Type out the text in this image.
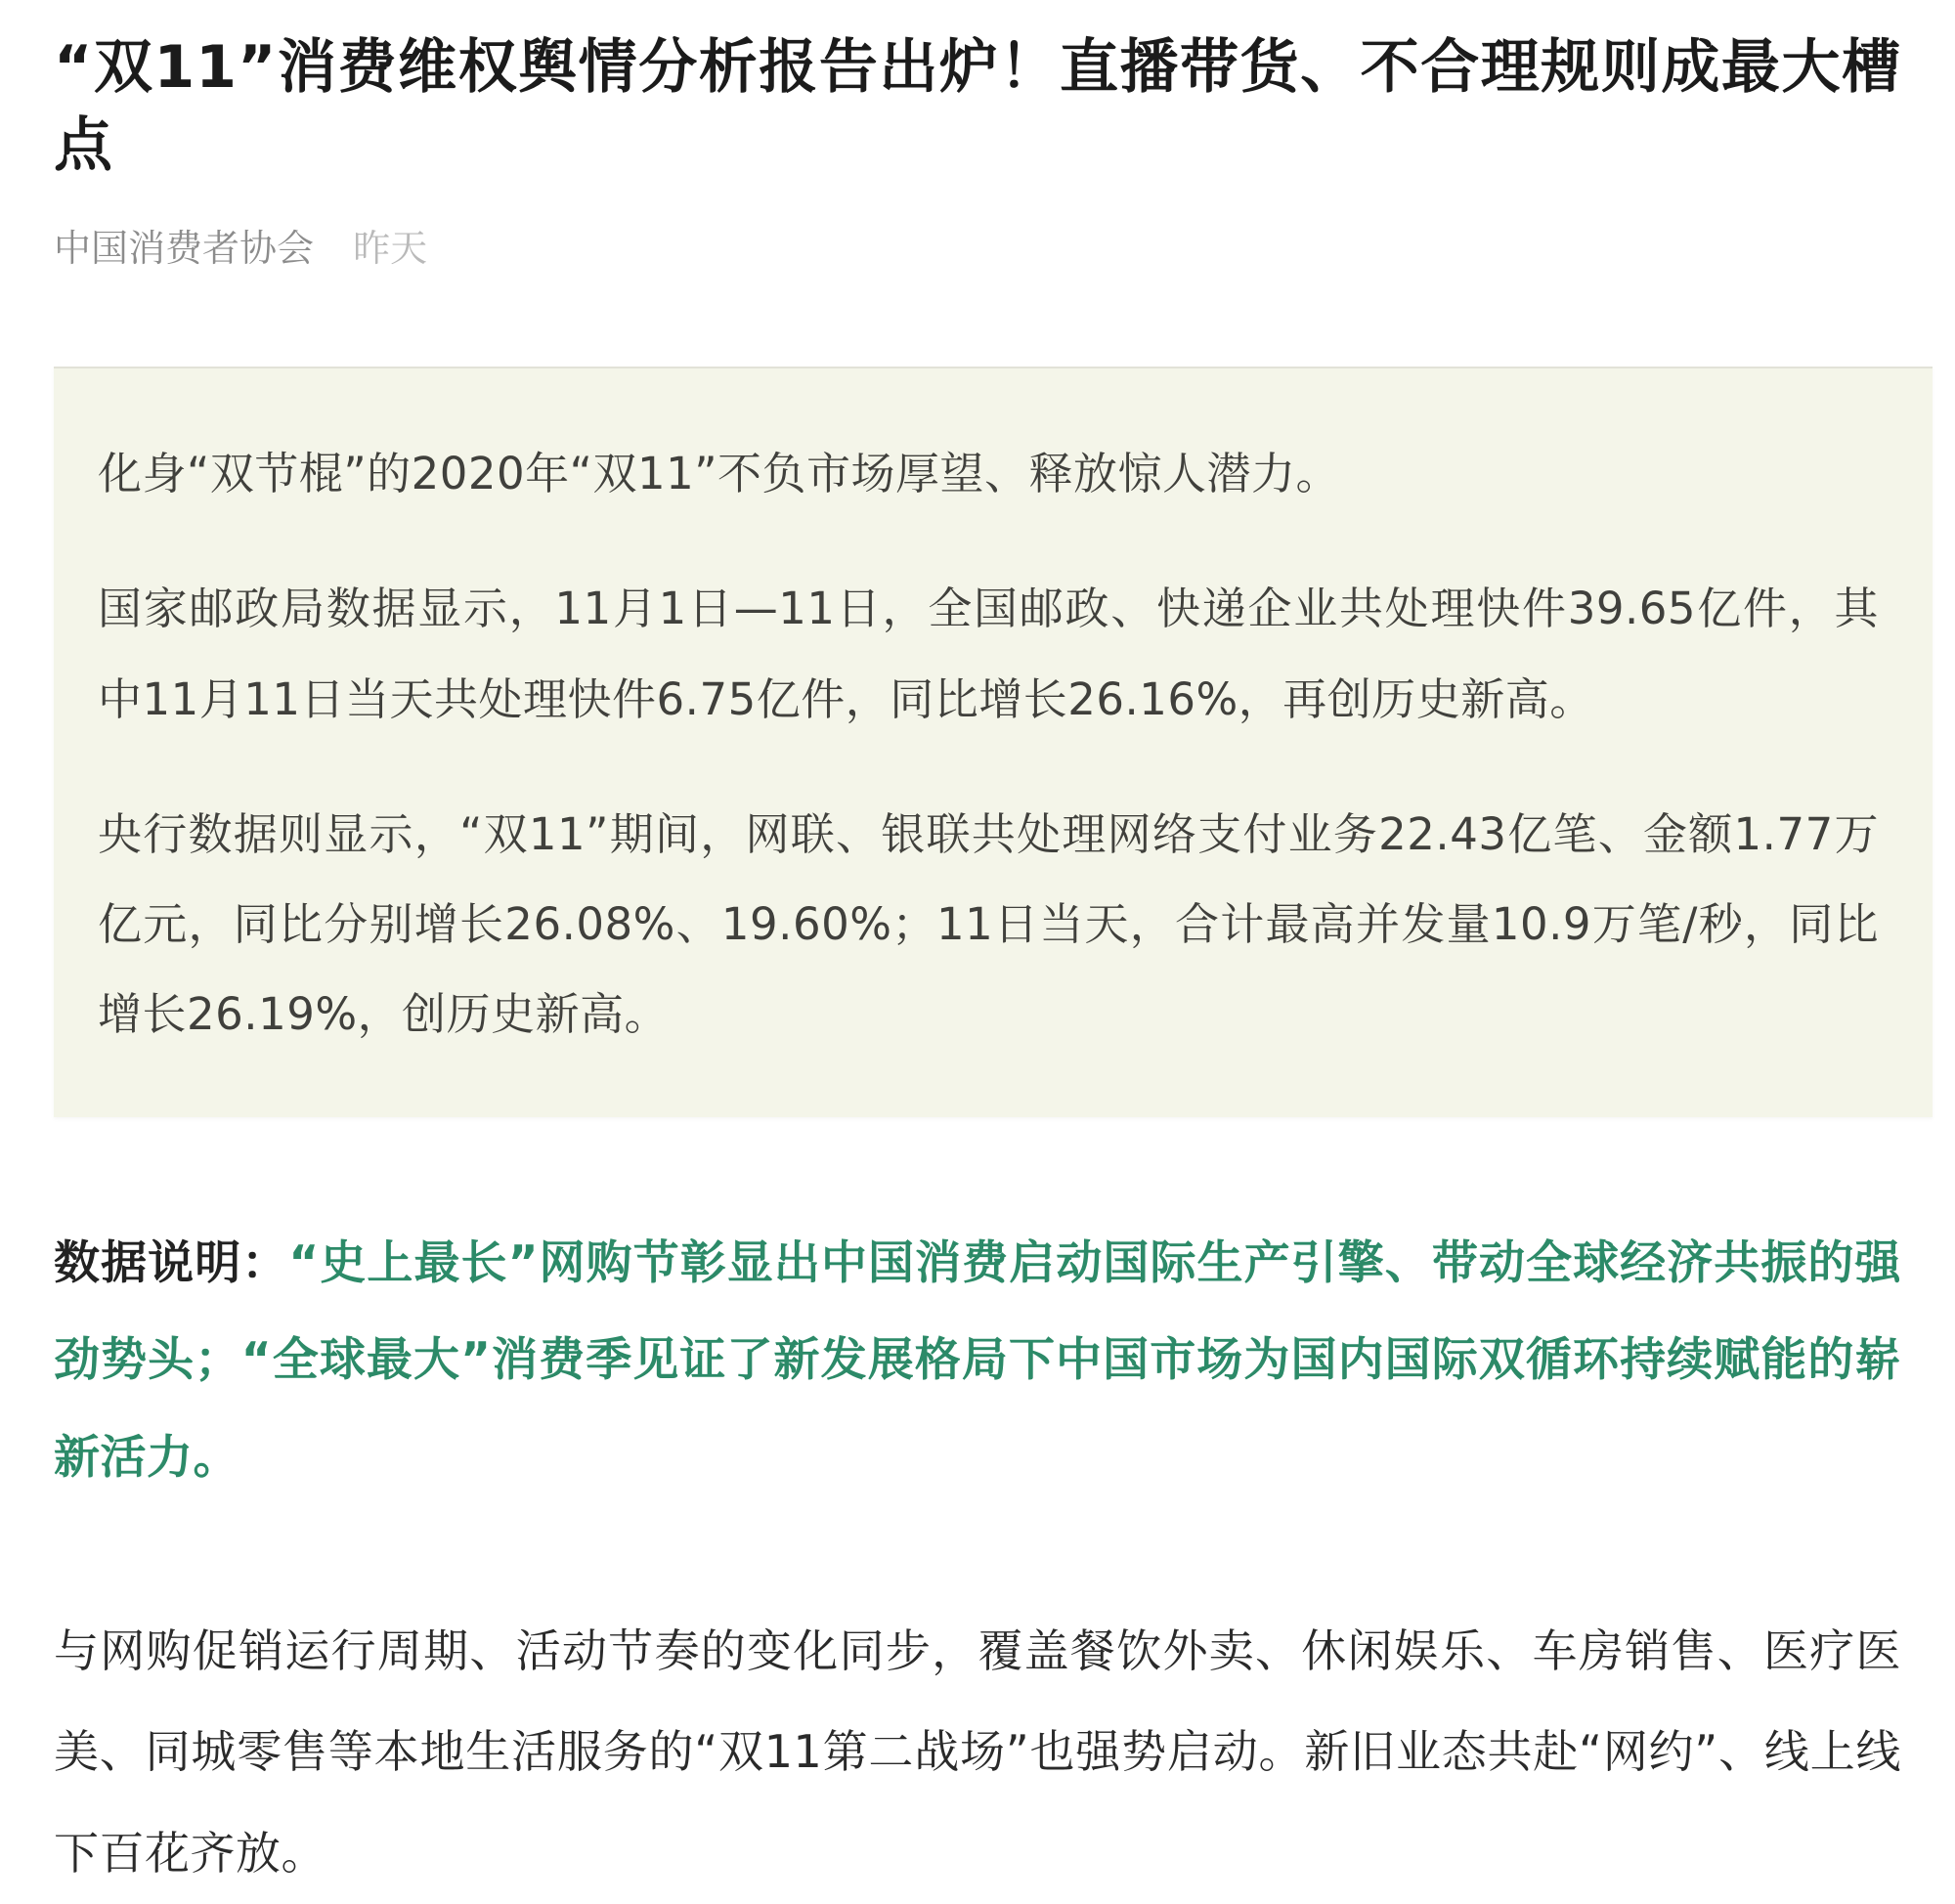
“双11”消费维权舆情分析报告出炉！直播带货、不合理规则成最大槽点
中国消费者协会 昨天

化身“双节棍”的2020年“双11”不负市场厚望、释放惊人潜力。

国家邮政局数据显示，11月1日—11日，全国邮政、快递企业共处理快件39.65亿件，其中11月11日当天共处理快件6.75亿件，同比增长26.16%，再创历史新高。

央行数据则显示，“双11”期间，网联、银联共处理网络支付业务22.43亿笔、金额1.77万亿元，同比分别增长26.08%、19.60%；11日当天，合计最高并发量10.9万笔/秒，同比增长26.19%，创历史新高。

数据说明：“史上最长”网购节彰显出中国消费启动国际生产引擎、带动全球经济共振的强劲势头；“全球最大”消费季见证了新发展格局下中国市场为国内国际双循环持续赋能的崭新活力。

与网购促销运行周期、活动节奏的变化同步，覆盖餐饮外卖、休闲娱乐、车房销售、医疗医美、同城零售等本地生活服务的“双11第二战场”也强势启动。新旧业态共赴“网约”、线上线下百花齐放。
